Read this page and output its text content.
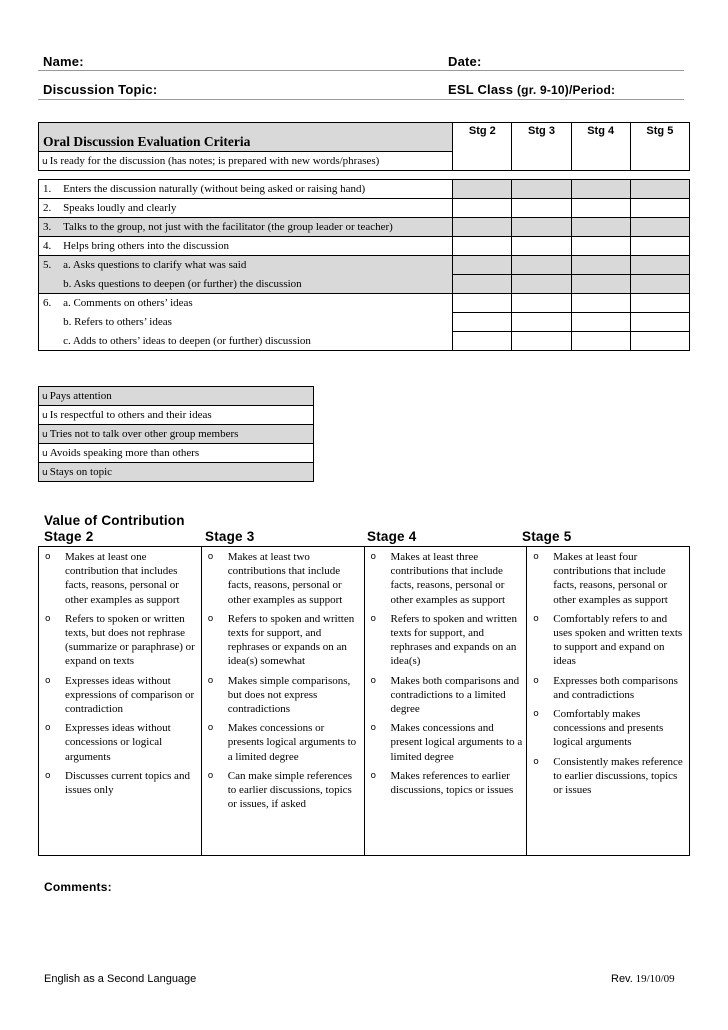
Name:	Date:
Discussion Topic:	ESL Class (gr. 9-10)/Period:
Oral Discussion Evaluation Criteria		Stg 2	Stg 3	Stg 4	Stg 5
u Is ready for the discussion (has notes; is prepared with new words/phrases)					

1.	Enters the discussion naturally (without being asked or raising hand)				
2.	Speaks loudly and clearly				
3.	Talks to the group, not just with the facilitator (the group leader or teacher)				
4.	Helps bring others into the discussion				
5.	a. Asks questions to clarify what was said				
	b. Asks questions to deepen (or further) the discussion				
6.	a. Comments on others’ ideas				
	b. Refers to others’ ideas				
	c. Adds to others’ ideas to deepen (or further) discussion				
u Pays attention
u Is respectful to others and their ideas
u Tries not to talk over other group members
u Avoids speaking more than others
u Stays on topic
Value of Contribution
Stage 2	Stage 3	Stage 4	Stage 5
o Makes at least one contribution that includes facts, reasons, personal or other examples as support
o Refers to spoken or written texts, but does not rephrase (summarize or paraphrase) or expand on texts
o Expresses ideas without expressions of comparison or contradiction
o Expresses ideas without concessions or logical arguments
o Discusses current topics and issues only

o Makes at least two contributions that include facts, reasons, personal or other examples as support
o Refers to spoken and written texts for support, and rephrases or expands on an idea(s) somewhat
o Makes simple comparisons, but does not express contradictions
o Makes concessions or presents logical arguments to a limited degree
o Can make simple references to earlier discussions, topics or issues, if asked

o Makes at least three contributions that include facts, reasons, personal or other examples as support
o Refers to spoken and written texts for support, and rephrases and expands on an idea(s)
o Makes both comparisons and contradictions to a limited degree
o Makes concessions and present logical arguments to a limited degree
o Makes references to earlier discussions, topics or issues

o Makes at least four contributions that include facts, reasons, personal or other examples as support
o Comfortably refers to and uses spoken and written texts to support and expand on ideas
o Expresses both comparisons and contradictions
o Comfortably makes concessions and presents logical arguments
o Consistently makes reference to earlier discussions, topics or issues
Comments:
English as a Second Language	Rev. 19/10/09
